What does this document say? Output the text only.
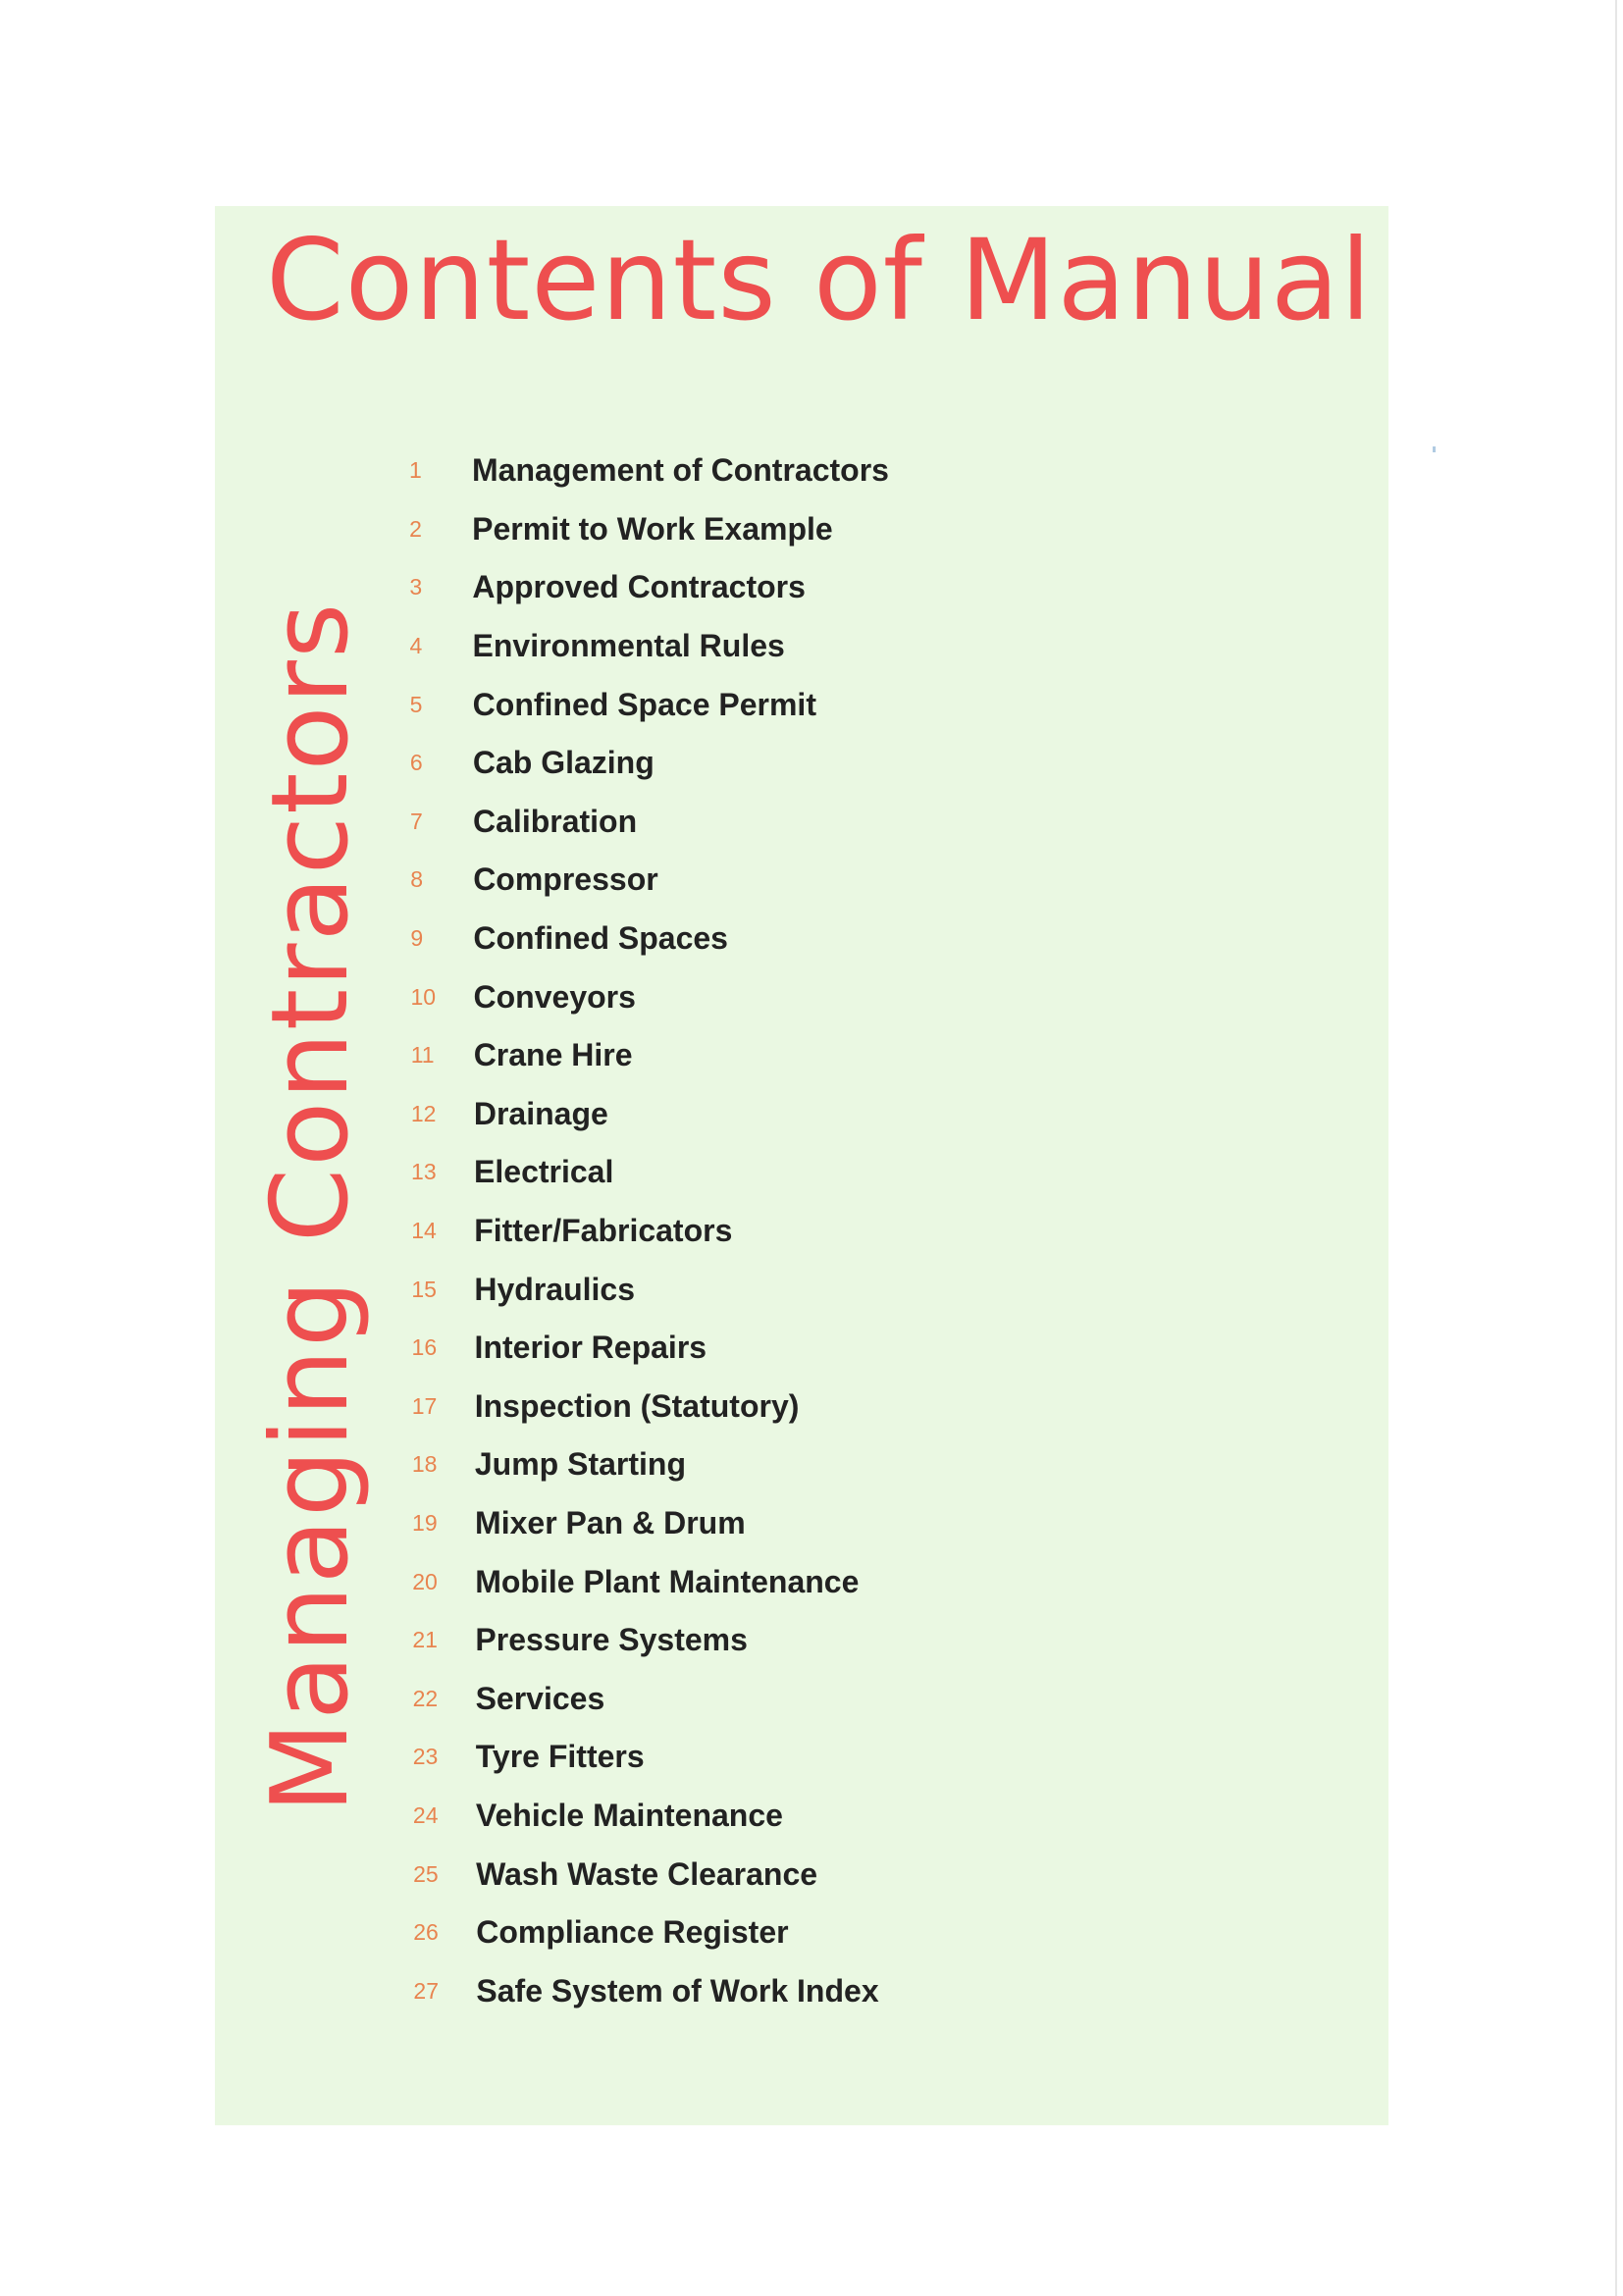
Contents of Manual
Managing Contractors
1	Management of Contractors
2	Permit to Work Example
3	Approved Contractors
4	Environmental Rules
5	Confined Space Permit
6	Cab Glazing
7	Calibration
8	Compressor
9	Confined Spaces
10	Conveyors
11	Crane Hire
12	Drainage
13	Electrical
14	Fitter/Fabricators
15	Hydraulics
16	Interior Repairs
17	Inspection (Statutory)
18	Jump Starting
19	Mixer Pan & Drum
20	Mobile Plant Maintenance
21	Pressure Systems
22	Services
23	Tyre Fitters
24	Vehicle Maintenance
25	Wash Waste Clearance
26	Compliance Register
27	Safe System of Work Index
